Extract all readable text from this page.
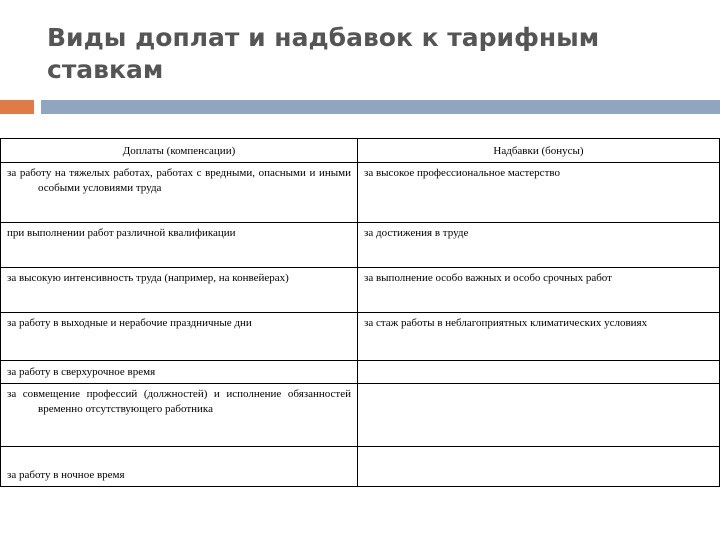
Виды доплат и надбавок к тарифным ставкам
Доплаты (компенсации)	Надбавки (бонусы)
за работу на тяжелых работах, работах с вредными, опасными и иными особыми условиями труда	за высокое профессиональное мастерство
при выполнении работ различной квалификации	за достижения в труде
за высокую интенсивность труда (например, на конвейерах)	за выполнение особо важных и особо срочных работ
за работу в выходные и нерабочие праздничные дни	за стаж работы в неблагоприятных климатических условиях
за работу в сверхурочное время	
за совмещение профессий (должностей) и исполнение обязанностей временно отсутствующего работника	
за работу в ночное время	
